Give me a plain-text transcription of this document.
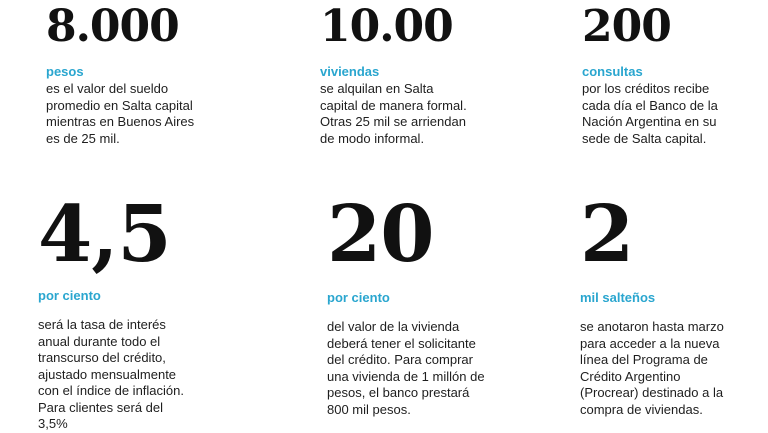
8.000
pesos
es el valor del sueldo
promedio en Salta capital
mientras en Buenos Aires
es de 25 mil.
10.00
viviendas
se alquilan en Salta
capital de manera formal.
Otras 25 mil se arriendan
de modo informal.
200
consultas
por los créditos recibe
cada día el Banco de la
Nación Argentina en su
sede de Salta capital.
4,5
por ciento
será la tasa de interés
anual durante todo el
transcurso del crédito,
ajustado mensualmente
con el índice de inflación.
Para clientes será del
3,5%
20
por ciento
del valor de la vivienda
deberá tener el solicitante
del crédito. Para comprar
una vivienda de 1 millón de
pesos, el banco prestará
800 mil pesos.
2
mil salteños
se anotaron hasta marzo
para acceder a la nueva
línea del Programa de
Crédito Argentino
(Procrear) destinado a la
compra de viviendas.
